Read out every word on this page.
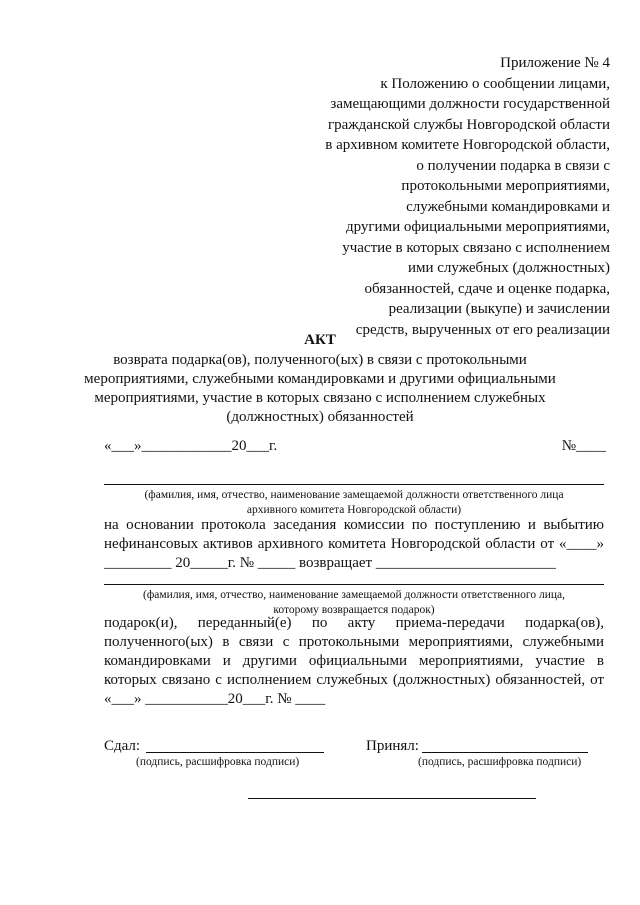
Приложение № 4
к Положению о сообщении лицами,
замещающими должности государственной
гражданской службы Новгородской области
в архивном комитете Новгородской области,
о получении подарка в связи с
протокольными мероприятиями,
служебными командировками и
другими официальными мероприятиями,
участие в которых связано с исполнением
ими служебных (должностных)
обязанностей, сдаче и оценке подарка,
реализации (выкупе) и зачислении
средств, вырученных от его реализации
АКТ
возврата подарка(ов), полученного(ых) в связи с протокольными
мероприятиями, служебными командировками и другими официальными
мероприятиями, участие в которых связано с исполнением служебных
(должностных) обязанностей
«___»____________20___г.	№____
(фамилия, имя, отчество, наименование замещаемой должности ответственного лица
архивного комитета Новгородской области)
на основании протокола заседания комиссии по поступлению и выбытию
нефинансовых активов архивного комитета Новгородской области от «____»
_________ 20_____г. № _____ возвращает ________________________
(фамилия, имя, отчество, наименование замещаемой должности ответственного лица,
которому возвращается подарок)
подарок(и), переданный(е) по акту приема-передачи подарка(ов),
полученного(ых) в связи с протокольными мероприятиями, служебными
командировками и другими официальными мероприятиями, участие в
которых связано с исполнением служебных (должностных) обязанностей, от
«___» ___________20___г. № ____
Сдал:
(подпись, расшифровка подписи)
Принял:
(подпись, расшифровка подписи)
